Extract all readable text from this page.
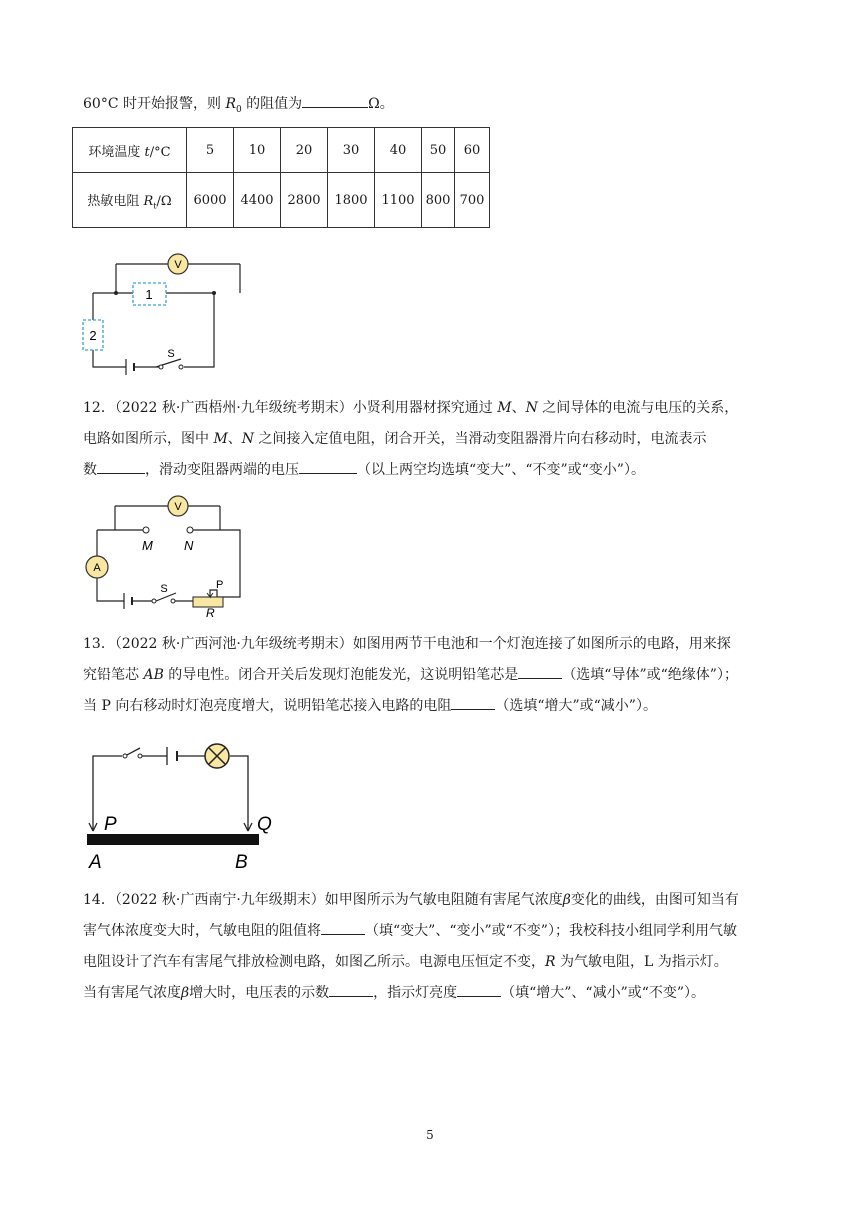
60°C 时开始报警，则 $R_0$ 的阻值为	Ω。

环境温度 t/°C	5	10	20	30	40	50	60
热敏电阻 $R_t/\Omega$	6000	4400	2800	1800	1100	800	700
V
1
2
S

12．（2022 秋·广西梧州·九年级统考期末）小贤利用器材探究通过 M、N 之间导体的电流与电压的关系，

电路如图所示，图中 M、N 之间接入定值电阻，闭合开关，当滑动变阻器滑片向右移动时，电流表示

数	，滑动变阻器两端的电压	（以上两空均选填“变大”、“不变”或“变小”）。

V
A
M N
S	P
R

13．（2022 秋·广西河池·九年级统考期末）如图用两节干电池和一个灯泡连接了如图所示的电路，用来探

究铅笔芯 AB 的导电性。闭合开关后发现灯泡能发光，这说明铅笔芯是	（选填“导体”或“绝缘体”）；

当 P 向右移动时灯泡亮度增大，说明铅笔芯接入电路的电阻	（选填“增大”或“减小”）。

P	Q
A	B

14．（2022 秋·广西南宁·九年级期末）如甲图所示为气敏电阻随有害尾气浓度β变化的曲线，由图可知当有

害气体浓度变大时，气敏电阻的阻值将	（填“变大”、“变小”或“不变”）；我校科技小组同学利用气敏

电阻设计了汽车有害尾气排放检测电路，如图乙所示。电源电压恒定不变，R 为气敏电阻，L 为指示灯。

当有害尾气浓度β增大时，电压表的示数	，指示灯亮度	（填“增大”、“减小”或“不变”）。

5
